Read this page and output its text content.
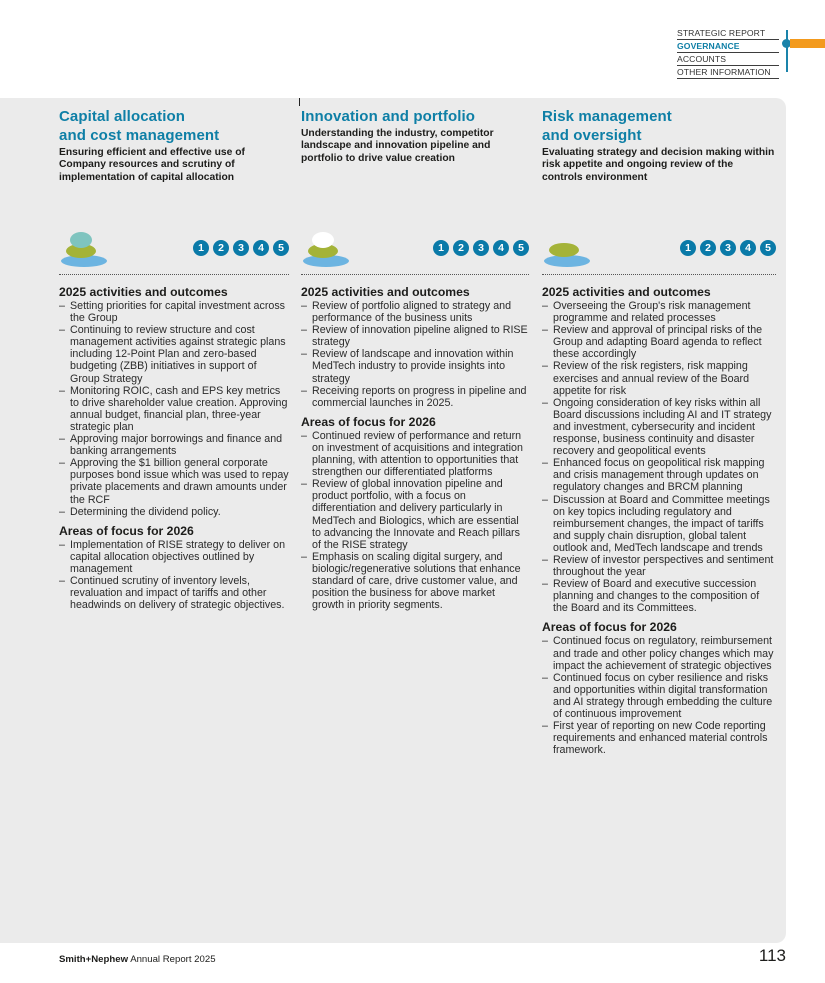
STRATEGIC REPORT
GOVERNANCE
ACCOUNTS
OTHER INFORMATION
Capital allocation
and cost management
Ensuring efficient and effective use of Company resources and scrutiny of implementation of capital allocation
1	2	3	4	5
2025 activities and outcomes
– Setting priorities for capital investment across the Group
– Continuing to review structure and cost management activities against strategic plans including 12-Point Plan and zero-based budgeting (ZBB) initiatives in support of Group Strategy
– Monitoring ROIC, cash and EPS key metrics to drive shareholder value creation. Approving annual budget, financial plan, three-year strategic plan
– Approving major borrowings and finance and banking arrangements
– Approving the $1 billion general corporate purposes bond issue which was used to repay private placements and drawn amounts under the RCF
– Determining the dividend policy.
Areas of focus for 2026
– Implementation of RISE strategy to deliver on capital allocation objectives outlined by management
– Continued scrutiny of inventory levels, revaluation and impact of tariffs and other headwinds on delivery of strategic objectives.
Innovation and portfolio
Understanding the industry, competitor landscape and innovation pipeline and portfolio to drive value creation
1	2	3	4	5
2025 activities and outcomes
– Review of portfolio aligned to strategy and performance of the business units
– Review of innovation pipeline aligned to RISE strategy
– Review of landscape and innovation within MedTech industry to provide insights into strategy
– Receiving reports on progress in pipeline and commercial launches in 2025.
Areas of focus for 2026
– Continued review of performance and return on investment of acquisitions and integration planning, with attention to opportunities that strengthen our differentiated platforms
– Review of global innovation pipeline and product portfolio, with a focus on differentiation and delivery particularly in MedTech and Biologics, which are essential to advancing the Innovate and Reach pillars of the RISE strategy
– Emphasis on scaling digital surgery, and biologic/regenerative solutions that enhance standard of care, drive customer value, and position the business for above market growth in priority segments.
Risk management
and oversight
Evaluating strategy and decision making within risk appetite and ongoing review of the controls environment
1	2	3	4	5
2025 activities and outcomes
– Overseeing the Group's risk management programme and related processes
– Review and approval of principal risks of the Group and adapting Board agenda to reflect these accordingly
– Review of the risk registers, risk mapping exercises and annual review of the Board appetite for risk
– Ongoing consideration of key risks within all Board discussions including AI and IT strategy and investment, cybersecurity and incident response, business continuity and disaster recovery and geopolitical events
– Enhanced focus on geopolitical risk mapping and crisis management through updates on regulatory changes and BRCM planning
– Discussion at Board and Committee meetings on key topics including regulatory and reimbursement changes, the impact of tariffs and supply chain disruption, global talent outlook and, MedTech landscape and trends
– Review of investor perspectives and sentiment throughout the year
– Review of Board and executive succession planning and changes to the composition of the Board and its Committees.
Areas of focus for 2026
– Continued focus on regulatory, reimbursement and trade and other policy changes which may impact the achievement of strategic objectives
– Continued focus on cyber resilience and risks and opportunities within digital transformation and AI strategy through embedding the culture of continuous improvement
– First year of reporting on new Code reporting requirements and enhanced material controls framework.
Smith+Nephew Annual Report 2025	113
